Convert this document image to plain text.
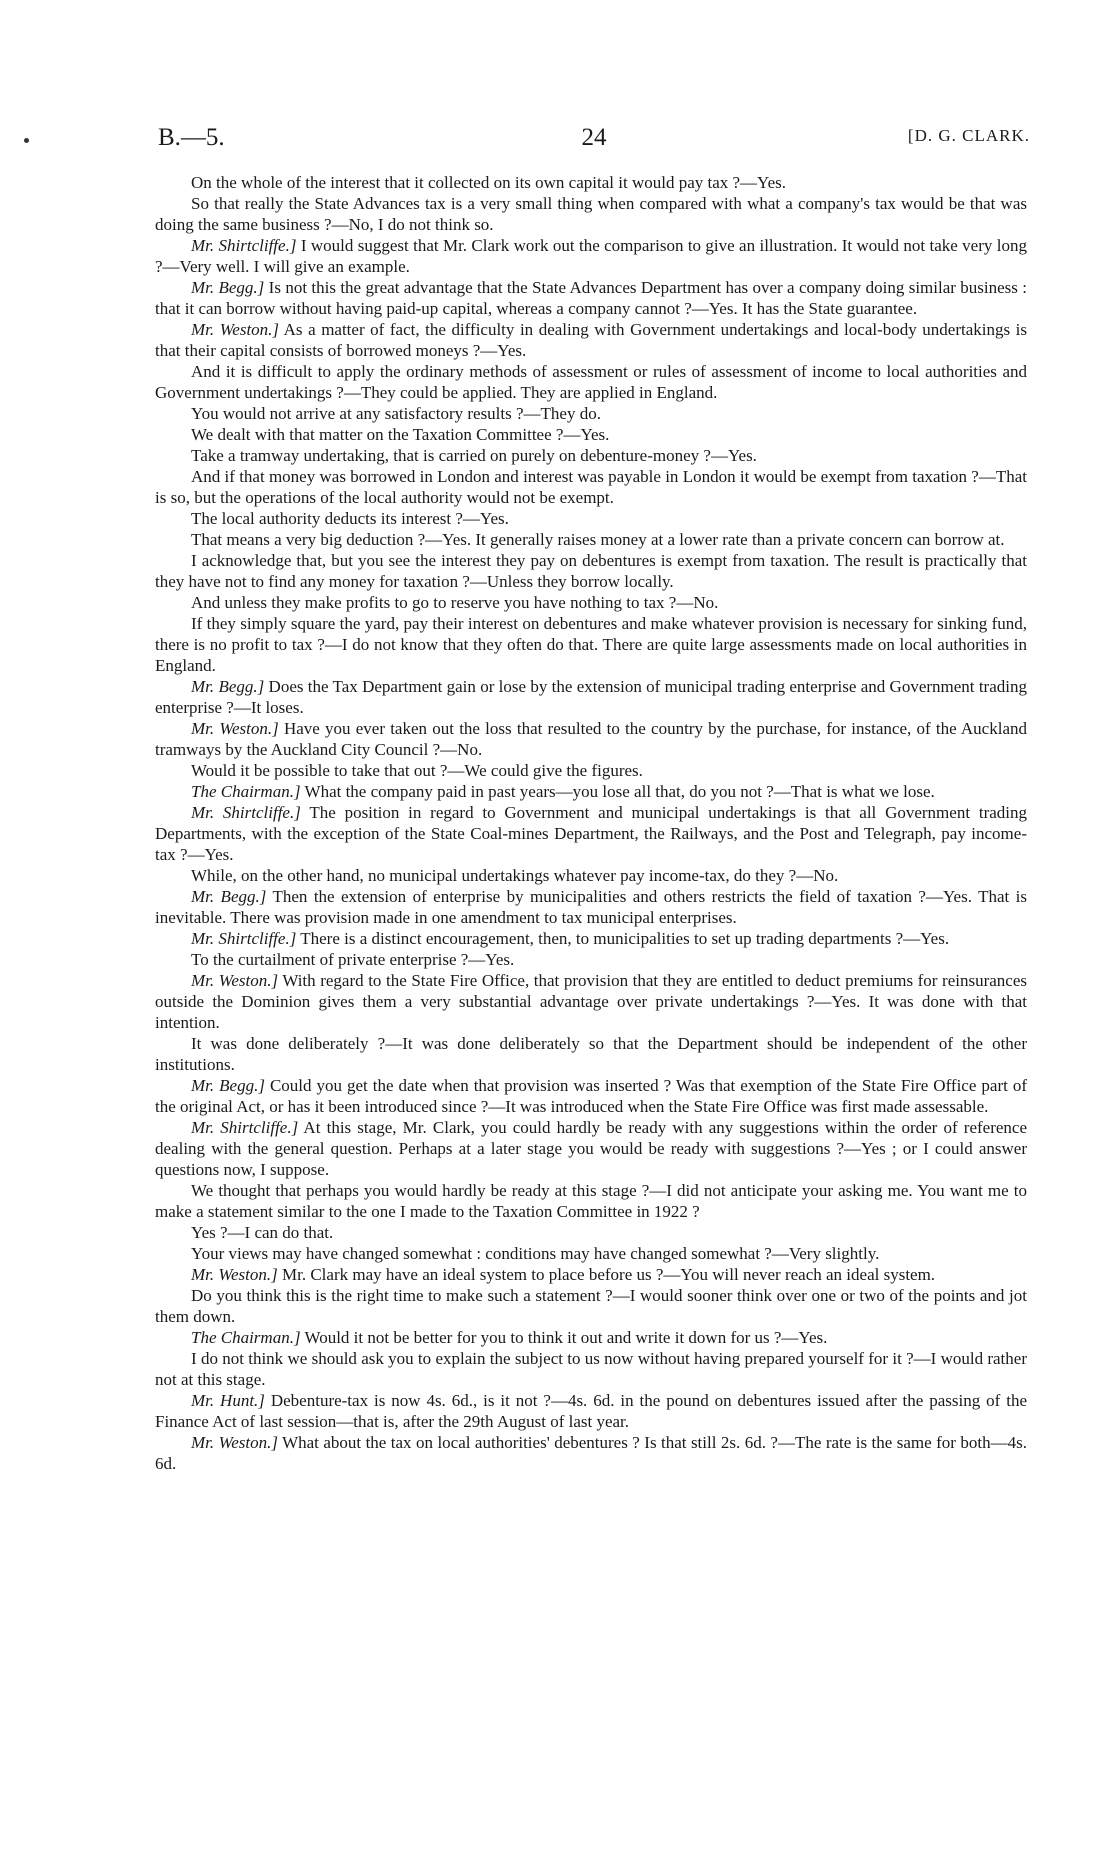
B.—5.	24	[D. G. CLARK.

On the whole of the interest that it collected on its own capital it would pay tax ?—Yes.

So that really the State Advances tax is a very small thing when compared with what a company's tax would be that was doing the same business ?—No, I do not think so.

Mr. Shirtcliffe.] I would suggest that Mr. Clark work out the comparison to give an illustration. It would not take very long ?—Very well. I will give an example.

Mr. Begg.] Is not this the great advantage that the State Advances Department has over a company doing similar business : that it can borrow without having paid-up capital, whereas a company cannot ?—Yes. It has the State guarantee.

Mr. Weston.] As a matter of fact, the difficulty in dealing with Government undertakings and local-body undertakings is that their capital consists of borrowed moneys ?—Yes.

And it is difficult to apply the ordinary methods of assessment or rules of assessment of income to local authorities and Government undertakings ?—They could be applied. They are applied in England.

You would not arrive at any satisfactory results ?—They do.

We dealt with that matter on the Taxation Committee ?—Yes.

Take a tramway undertaking, that is carried on purely on debenture-money ?—Yes.

And if that money was borrowed in London and interest was payable in London it would be exempt from taxation ?—That is so, but the operations of the local authority would not be exempt.

The local authority deducts its interest ?—Yes.

That means a very big deduction ?—Yes. It generally raises money at a lower rate than a private concern can borrow at.

I acknowledge that, but you see the interest they pay on debentures is exempt from taxation. The result is practically that they have not to find any money for taxation ?—Unless they borrow locally.

And unless they make profits to go to reserve you have nothing to tax ?—No.

If they simply square the yard, pay their interest on debentures and make whatever provision is necessary for sinking fund, there is no profit to tax ?—I do not know that they often do that. There are quite large assessments made on local authorities in England.

Mr. Begg.] Does the Tax Department gain or lose by the extension of municipal trading enterprise and Government trading enterprise ?—It loses.

Mr. Weston.] Have you ever taken out the loss that resulted to the country by the purchase, for instance, of the Auckland tramways by the Auckland City Council ?—No.

Would it be possible to take that out ?—We could give the figures.

The Chairman.] What the company paid in past years—you lose all that, do you not ?—That is what we lose.

Mr. Shirtcliffe.] The position in regard to Government and municipal undertakings is that all Government trading Departments, with the exception of the State Coal-mines Department, the Railways, and the Post and Telegraph, pay income-tax ?—Yes.

While, on the other hand, no municipal undertakings whatever pay income-tax, do they ?—No.

Mr. Begg.] Then the extension of enterprise by municipalities and others restricts the field of taxation ?—Yes. That is inevitable. There was provision made in one amendment to tax municipal enterprises.

Mr. Shirtcliffe.] There is a distinct encouragement, then, to municipalities to set up trading departments ?—Yes.

To the curtailment of private enterprise ?—Yes.

Mr. Weston.] With regard to the State Fire Office, that provision that they are entitled to deduct premiums for reinsurances outside the Dominion gives them a very substantial advantage over private undertakings ?—Yes. It was done with that intention.

It was done deliberately ?—It was done deliberately so that the Department should be independent of the other institutions.

Mr. Begg.] Could you get the date when that provision was inserted ? Was that exemption of the State Fire Office part of the original Act, or has it been introduced since ?—It was introduced when the State Fire Office was first made assessable.

Mr. Shirtcliffe.] At this stage, Mr. Clark, you could hardly be ready with any suggestions within the order of reference dealing with the general question. Perhaps at a later stage you would be ready with suggestions ?—Yes ; or I could answer questions now, I suppose.

We thought that perhaps you would hardly be ready at this stage ?—I did not anticipate your asking me. You want me to make a statement similar to the one I made to the Taxation Committee in 1922 ?

Yes ?—I can do that.

Your views may have changed somewhat : conditions may have changed somewhat ?—Very slightly.

Mr. Weston.] Mr. Clark may have an ideal system to place before us ?—You will never reach an ideal system.

Do you think this is the right time to make such a statement ?—I would sooner think over one or two of the points and jot them down.

The Chairman.] Would it not be better for you to think it out and write it down for us ?—Yes.

I do not think we should ask you to explain the subject to us now without having prepared yourself for it ?—I would rather not at this stage.

Mr. Hunt.] Debenture-tax is now 4s. 6d., is it not ?—4s. 6d. in the pound on debentures issued after the passing of the Finance Act of last session—that is, after the 29th August of last year.

Mr. Weston.] What about the tax on local authorities' debentures ? Is that still 2s. 6d. ?—The rate is the same for both—4s. 6d.
